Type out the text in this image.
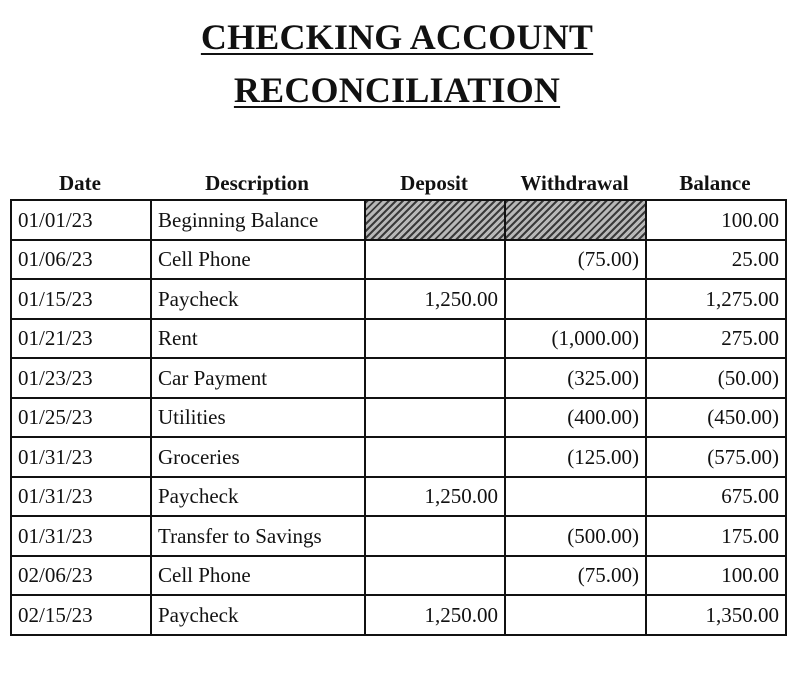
CHECKING ACCOUNT
RECONCILIATION
Date	Description	Deposit	Withdrawal	Balance
01/01/23	Beginning Balance			100.00
01/06/23	Cell Phone		(75.00)	25.00
01/15/23	Paycheck	1,250.00		1,275.00
01/21/23	Rent		(1,000.00)	275.00
01/23/23	Car Payment		(325.00)	(50.00)
01/25/23	Utilities		(400.00)	(450.00)
01/31/23	Groceries		(125.00)	(575.00)
01/31/23	Paycheck	1,250.00		675.00
01/31/23	Transfer to Savings		(500.00)	175.00
02/06/23	Cell Phone		(75.00)	100.00
02/15/23	Paycheck	1,250.00		1,350.00
